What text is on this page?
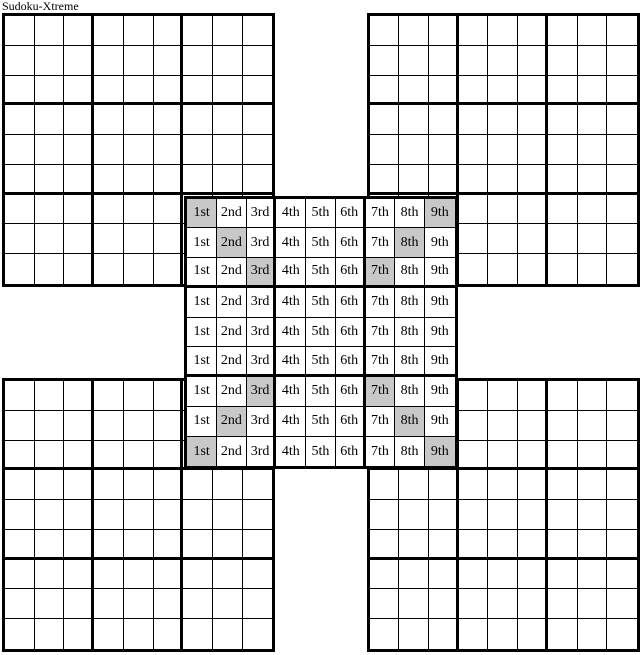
Sudoku-Xtreme
1st 2nd 3rd 4th 5th 6th 7th 8th 9th
1st 2nd 3rd 4th 5th 6th 7th 8th 9th
1st 2nd 3rd 4th 5th 6th 7th 8th 9th
1st 2nd 3rd 4th 5th 6th 7th 8th 9th
1st 2nd 3rd 4th 5th 6th 7th 8th 9th
1st 2nd 3rd 4th 5th 6th 7th 8th 9th
1st 2nd 3rd 4th 5th 6th 7th 8th 9th
1st 2nd 3rd 4th 5th 6th 7th 8th 9th
1st 2nd 3rd 4th 5th 6th 7th 8th 9th
